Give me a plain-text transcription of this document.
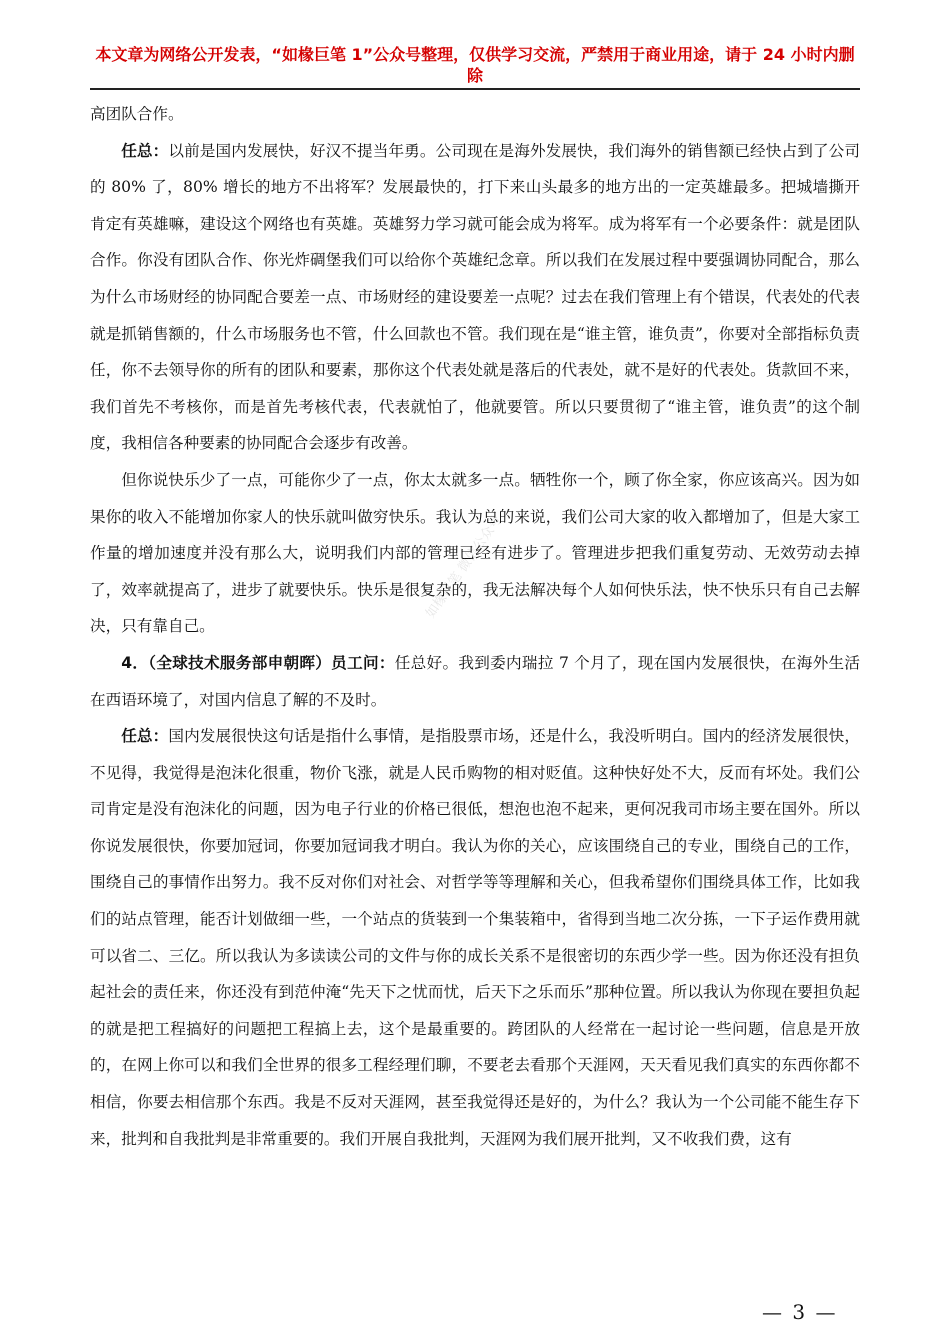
本文章为网络公开发表，“如椽巨笔 1”公众号整理，仅供学习交流，严禁用于商业用途，请于 24 小时内删
除

高团队合作。

任总：以前是国内发展快，好汉不提当年勇。公司现在是海外发展快，我们海外的销售额已经快占到了公司的 80% 了，80% 增长的地方不出将军？发展最快的，打下来山头最多的地方出的一定英雄最多。把城墙撕开肯定有英雄嘛，建设这个网络也有英雄。英雄努力学习就可能会成为将军。成为将军有一个必要条件：就是团队合作。你没有团队合作、你光炸碉堡我们可以给你个英雄纪念章。所以我们在发展过程中要强调协同配合，那么为什么市场财经的协同配合要差一点、市场财经的建设要差一点呢？过去在我们管理上有个错误，代表处的代表就是抓销售额的，什么市场服务也不管，什么回款也不管。我们现在是“谁主管，谁负责”，你要对全部指标负责任，你不去领导你的所有的团队和要素，那你这个代表处就是落后的代表处，就不是好的代表处。货款回不来，我们首先不考核你，而是首先考核代表，代表就怕了，他就要管。所以只要贯彻了“谁主管，谁负责”的这个制度，我相信各种要素的协同配合会逐步有改善。

但你说快乐少了一点，可能你少了一点，你太太就多一点。牺牲你一个，顾了你全家，你应该高兴。因为如果你的收入不能增加你家人的快乐就叫做穷快乐。我认为总的来说，我们公司大家的收入都增加了，但是大家工作量的增加速度并没有那么大，说明我们内部的管理已经有进步了。管理进步把我们重复劳动、无效劳动去掉了，效率就提高了，进步了就要快乐。快乐是很复杂的，我无法解决每个人如何快乐法，快不快乐只有自己去解决，只有靠自己。

4．（全球技术服务部申朝晖）员工问：任总好。我到委内瑞拉 7 个月了，现在国内发展很快，在海外生活在西语环境了，对国内信息了解的不及时。

任总：国内发展很快这句话是指什么事情，是指股票市场，还是什么，我没听明白。国内的经济发展很快，不见得，我觉得是泡沫化很重，物价飞涨，就是人民币购物的相对贬值。这种快好处不大，反而有坏处。我们公司肯定是没有泡沫化的问题，因为电子行业的价格已很低，想泡也泡不起来，更何况我司市场主要在国外。所以你说发展很快，你要加冠词，你要加冠词我才明白。我认为你的关心，应该围绕自己的专业，围绕自己的工作，围绕自己的事情作出努力。我不反对你们对社会、对哲学等等理解和关心，但我希望你们围绕具体工作，比如我们的站点管理，能否计划做细一些，一个站点的货装到一个集装箱中，省得到当地二次分拣，一下子运作费用就可以省二、三亿。所以我认为多读读公司的文件与你的成长关系不是很密切的东西少学一些。因为你还没有担负起社会的责任来，你还没有到范仲淹“先天下之忧而忧，后天下之乐而乐”那种位置。所以我认为你现在要担负起的就是把工程搞好的问题把工程搞上去，这个是最重要的。跨团队的人经常在一起讨论一些问题，信息是开放的，在网上你可以和我们全世界的很多工程经理们聊，不要老去看那个天涯网，天天看见我们真实的东西你都不相信，你要去相信那个东西。我是不反对天涯网，甚至我觉得还是好的，为什么？我认为一个公司能不能生存下来，批判和自我批判是非常重要的。我们开展自我批判，天涯网为我们展开批判，又不收我们费，这有

如椽巨笔 微信公众号
— 3 —
